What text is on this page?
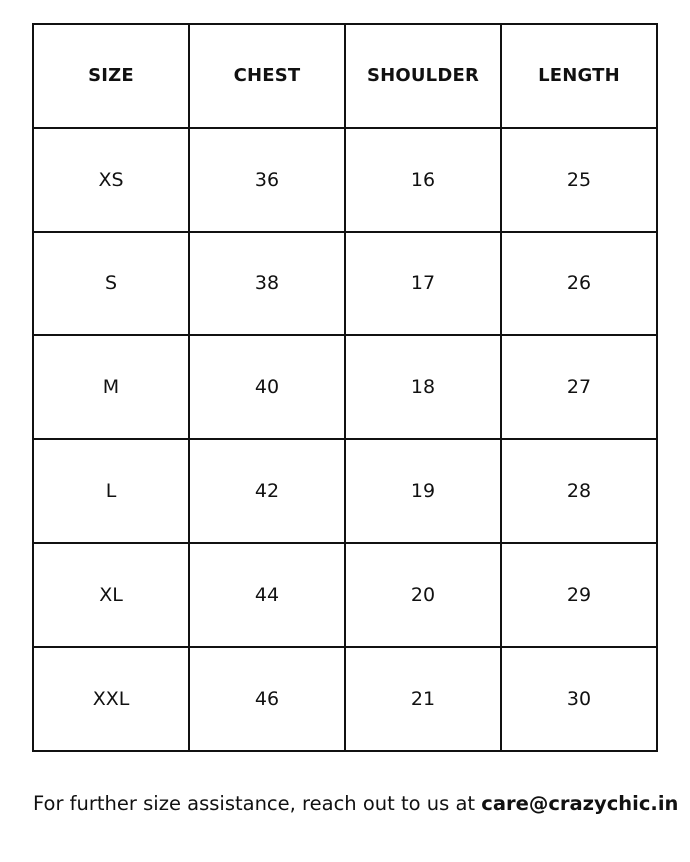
SIZE	CHEST	SHOULDER	LENGTH
XS	36	16	25
S	38	17	26
M	40	18	27
L	42	19	28
XL	44	20	29
XXL	46	21	30
For further size assistance, reach out to us at care@crazychic.in
